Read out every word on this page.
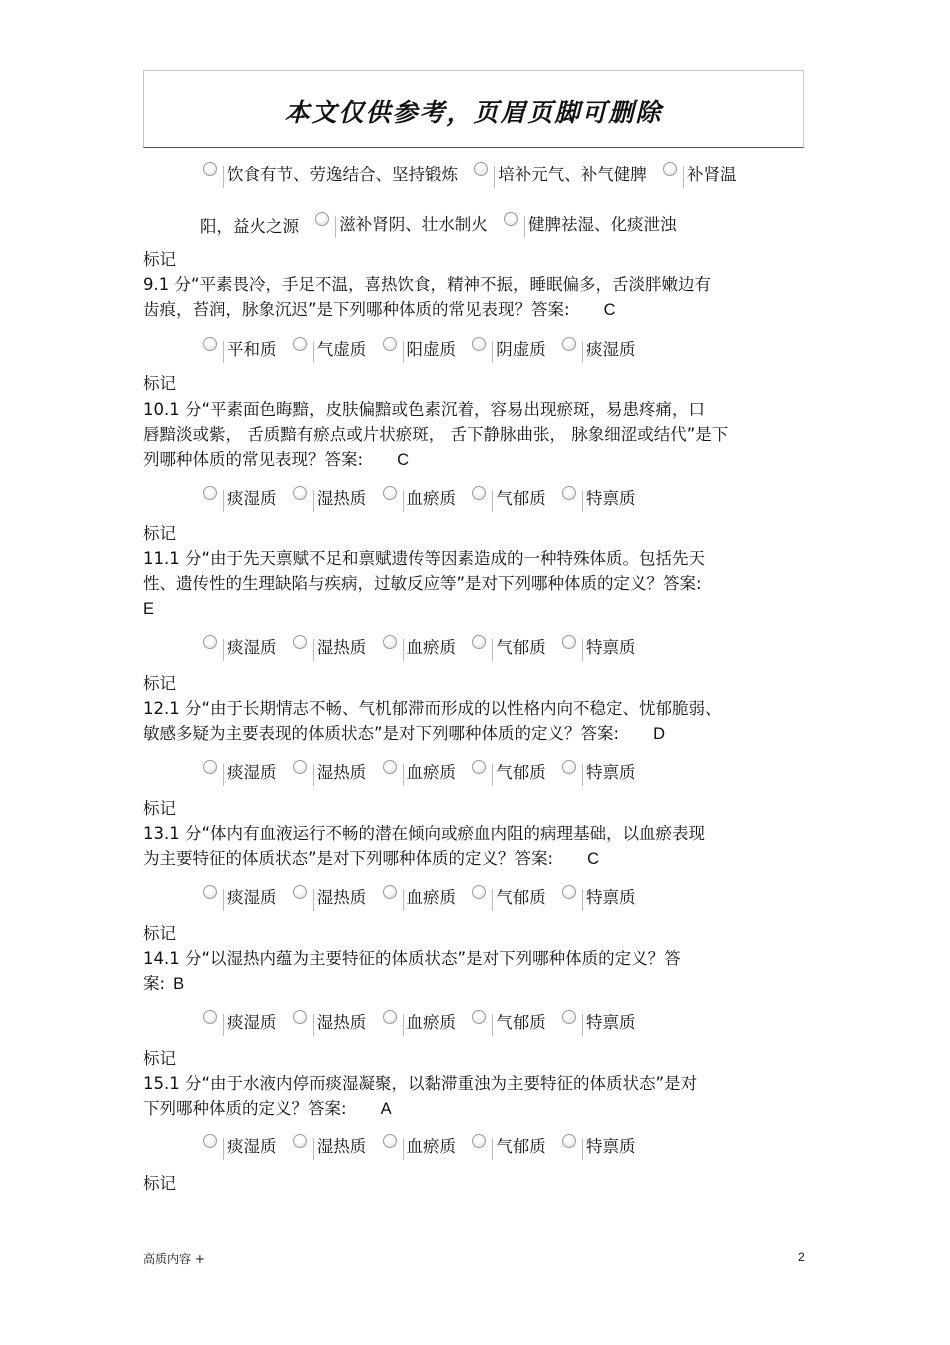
本文仅供参考，页眉页脚可删除
饮食有节、劳逸结合、坚持锻炼
培补元气、补气健脾
补肾温
阳，益火之源 滋补肾阴、壮水制火
健脾祛湿、化痰泄浊
标记
9.1 分“平素畏冷，手足不温，喜热饮食，精神不振，睡眠偏多，舌淡胖嫩边有
齿痕，苔润，脉象沉迟”是下列哪种体质的常见表现？答案: C
平和质
气虚质
阳虚质
阴虚质
痰湿质
标记
10.1 分“平素面色晦黯，皮肤偏黯或色素沉着，容易出现瘀斑，易患疼痛，口
唇黯淡或紫， 舌质黯有瘀点或片状瘀斑， 舌下静脉曲张， 脉象细涩或结代”是下
列哪种体质的常见表现？答案: C
痰湿质
湿热质
血瘀质
气郁质
特禀质
标记
11.1 分“由于先天禀赋不足和禀赋遗传等因素造成的一种特殊体质。包括先天
性、遗传性的生理缺陷与疾病，过敏反应等”是对下列哪种体质的定义？答案:
E
痰湿质
湿热质
血瘀质
气郁质
特禀质
标记
12.1 分“由于长期情志不畅、气机郁滞而形成的以性格内向不稳定、忧郁脆弱、
敏感多疑为主要表现的体质状态”是对下列哪种体质的定义？答案: D
痰湿质
湿热质
血瘀质
气郁质
特禀质
标记
13.1 分“体内有血液运行不畅的潜在倾向或瘀血内阻的病理基础，以血瘀表现
为主要特征的体质状态”是对下列哪种体质的定义？答案: C
痰湿质
湿热质
血瘀质
气郁质
特禀质
标记
14.1 分“以湿热内蕴为主要特征的体质状态”是对下列哪种体质的定义？答
案: B
痰湿质
湿热质
血瘀质
气郁质
特禀质
标记
15.1 分“由于水液内停而痰湿凝聚，以黏滞重浊为主要特征的体质状态”是对
下列哪种体质的定义？答案: A
痰湿质
湿热质
血瘀质
气郁质
特禀质
标记
高质内容 +	2
